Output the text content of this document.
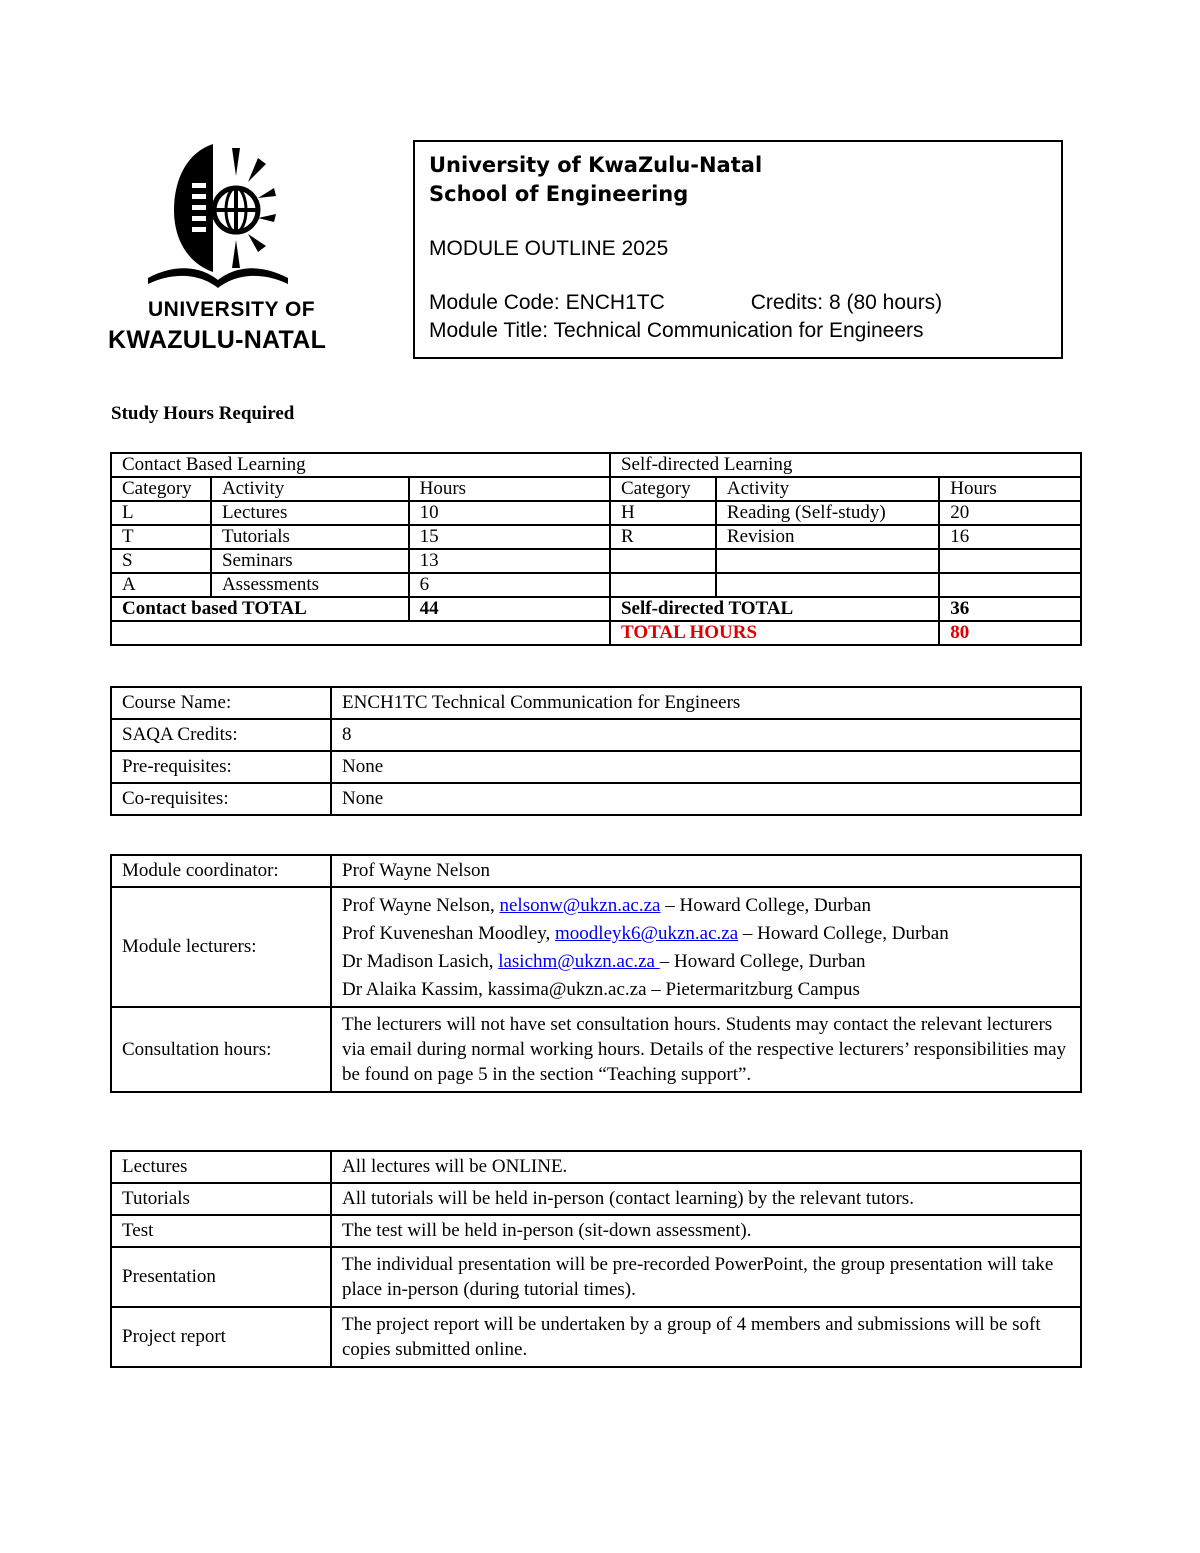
UNIVERSITY OF
KWAZULU-NATAL
University of KwaZulu-Natal
School of Engineering
MODULE OUTLINE 2025
Module Code: ENCH1TC	Credits: 8 (80 hours)
Module Title: Technical Communication for Engineers
Study Hours Required
Contact Based Learning			Self-directed Learning		
Category	Activity	Hours	Category	Activity	Hours
L	Lectures	10	H	Reading (Self-study)	20
T	Tutorials	15	R	Revision	16
S	Seminars	13			
A	Assessments	6			
Contact based TOTAL		44	Self-directed TOTAL		36
			TOTAL HOURS		80
Course Name:	ENCH1TC Technical Communication for Engineers
SAQA Credits:	8
Pre-requisites:	None
Co-requisites:	None
Module coordinator:	Prof Wayne Nelson
Module lecturers:	Prof Wayne Nelson, nelsonw@ukzn.ac.za – Howard College, Durban
Prof Kuveneshan Moodley, moodleyk6@ukzn.ac.za – Howard College, Durban
Dr Madison Lasich, lasichm@ukzn.ac.za – Howard College, Durban
Dr Alaika Kassim, kassima@ukzn.ac.za – Pietermaritzburg Campus

Consultation hours:	The lecturers will not have set consultation hours. Students may contact the relevant lecturers via email during normal working hours. Details of the respective lecturers’ responsibilities may be found on page 5 in the section “Teaching support”.
Lectures	All lectures will be ONLINE.
Tutorials	All tutorials will be held in-person (contact learning) by the relevant tutors.
Test	The test will be held in-person (sit-down assessment).
Presentation	The individual presentation will be pre-recorded PowerPoint, the group presentation will take place in-person (during tutorial times).
Project report	The project report will be undertaken by a group of 4 members and submissions will be soft copies submitted online.
